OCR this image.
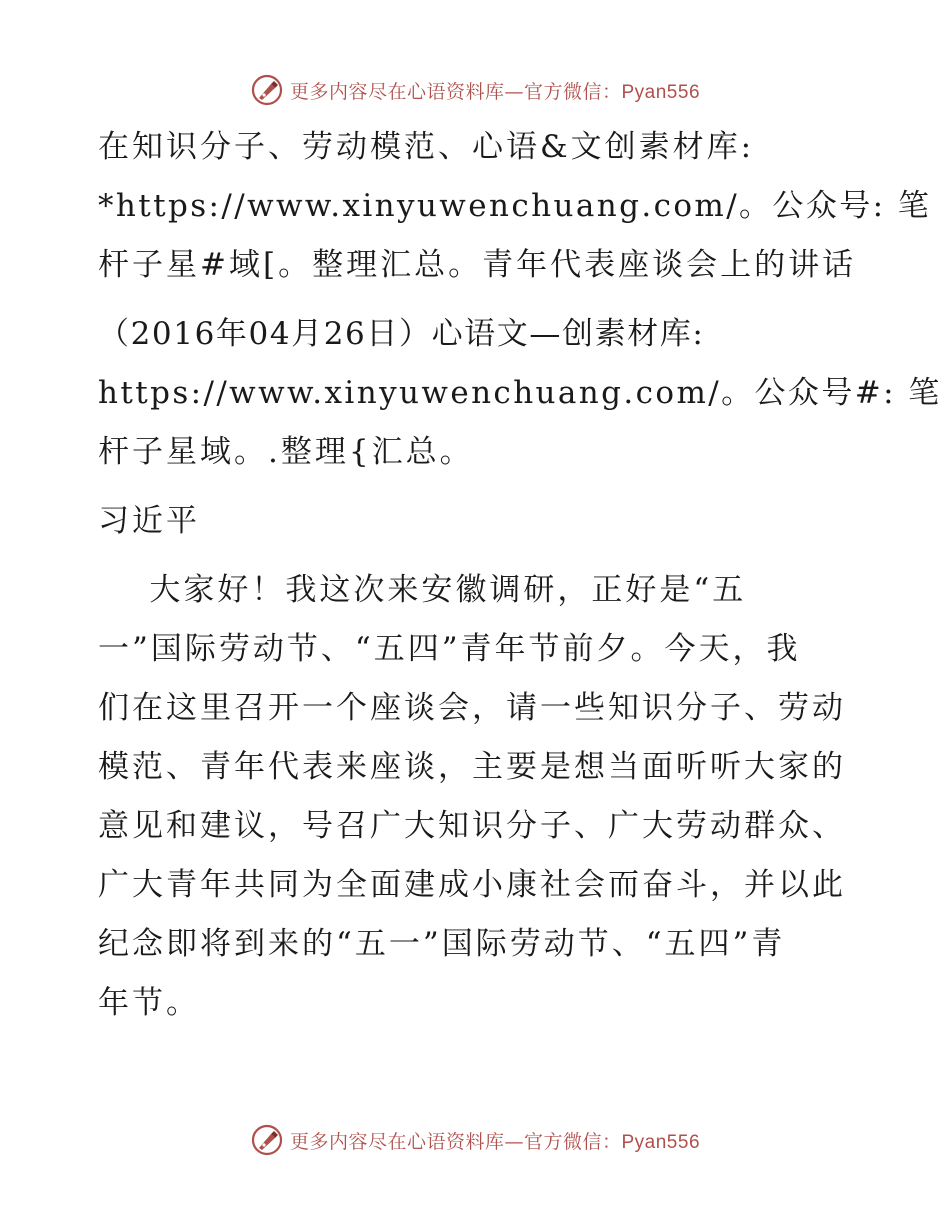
更多内容尽在心语资料库—官方微信：Pyan556
在知识分子、劳动模范、心语&文创素材库:
*https://www.xinyuwenchuang.com/。公众号: 笔
杆子星#域[。整理汇总。青年代表座谈会上的讲话
（2016年04月26日）心语文—创素材库:
https://www.xinyuwenchuang.com/。公众号#: 笔
杆子星域。.整理{汇总。
习近平
大家好！我这次来安徽调研，正好是“五
一”国际劳动节、“五四”青年节前夕。今天，我
们在这里召开一个座谈会，请一些知识分子、劳动
模范、青年代表来座谈，主要是想当面听听大家的
意见和建议，号召广大知识分子、广大劳动群众、
广大青年共同为全面建成小康社会而奋斗，并以此
纪念即将到来的“五一”国际劳动节、“五四”青
年节。
更多内容尽在心语资料库—官方微信：Pyan556
